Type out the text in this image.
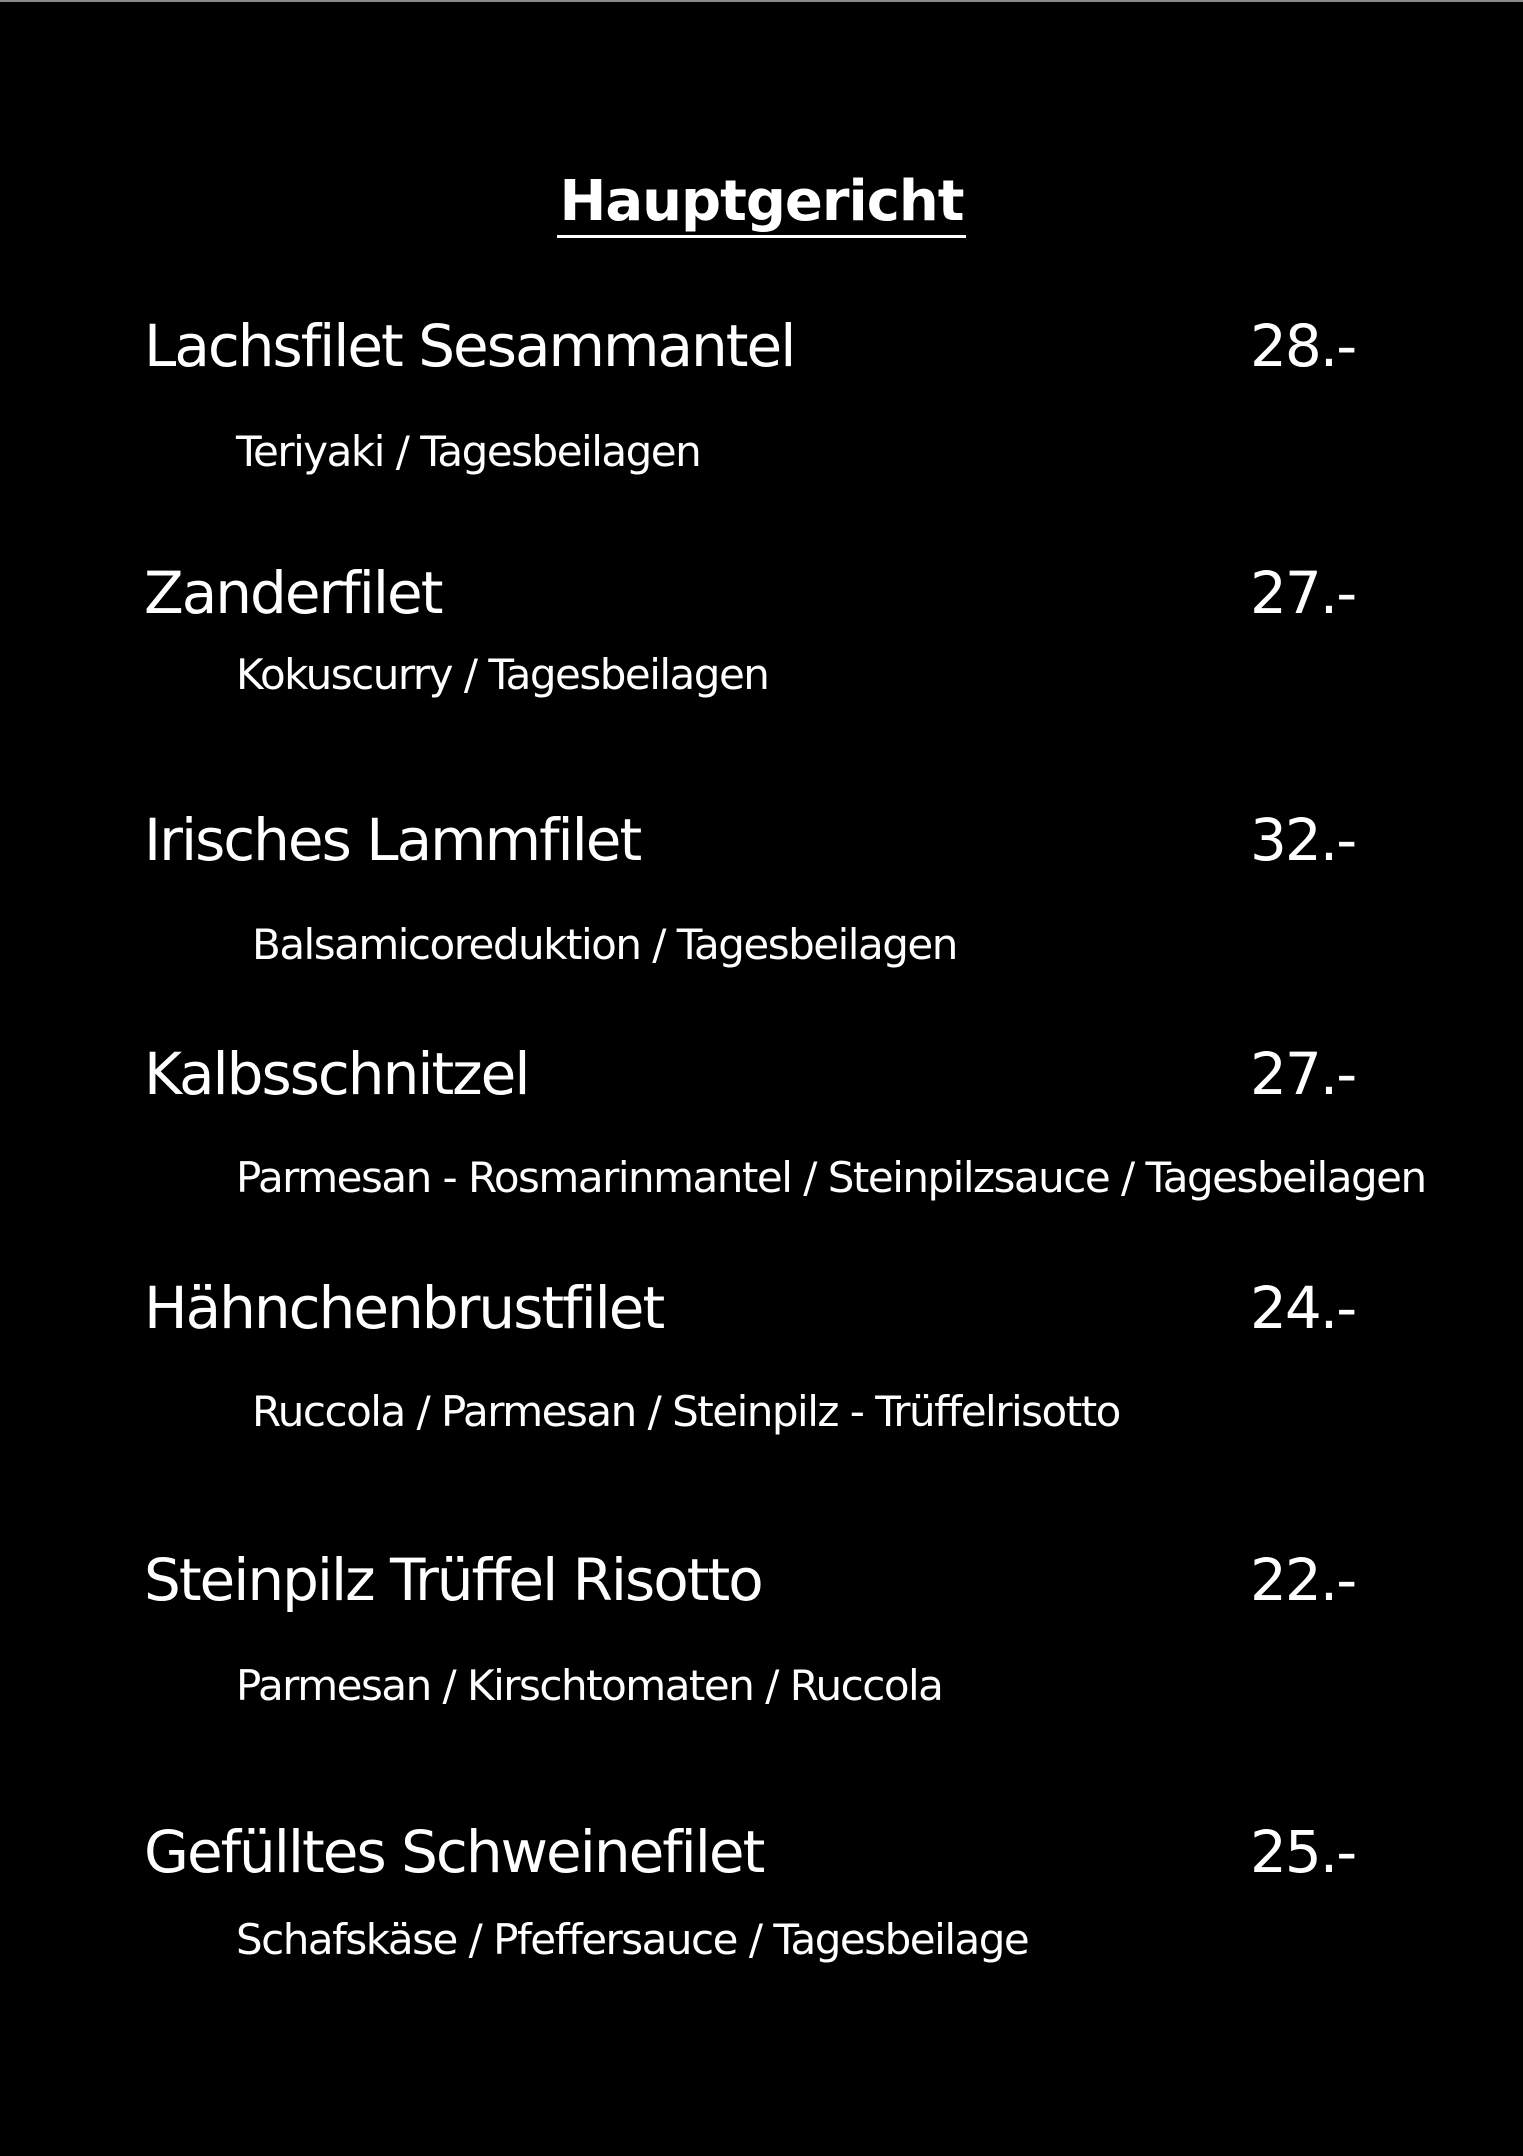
Hauptgericht
Lachsfilet Sesammantel	28.-
Teriyaki / Tagesbeilagen
Zanderfilet	27.-
Kokuscurry / Tagesbeilagen
Irisches Lammfilet	32.-
Balsamicoreduktion / Tagesbeilagen
Kalbsschnitzel	27.-
Parmesan - Rosmarinmantel / Steinpilzsauce / Tagesbeilagen
Hähnchenbrustfilet	24.-
Ruccola / Parmesan / Steinpilz - Trüffelrisotto
Steinpilz Trüffel Risotto	22.-
Parmesan / Kirschtomaten / Ruccola
Gefülltes Schweinefilet	25.-
Schafskäse / Pfeffersauce / Tagesbeilage
